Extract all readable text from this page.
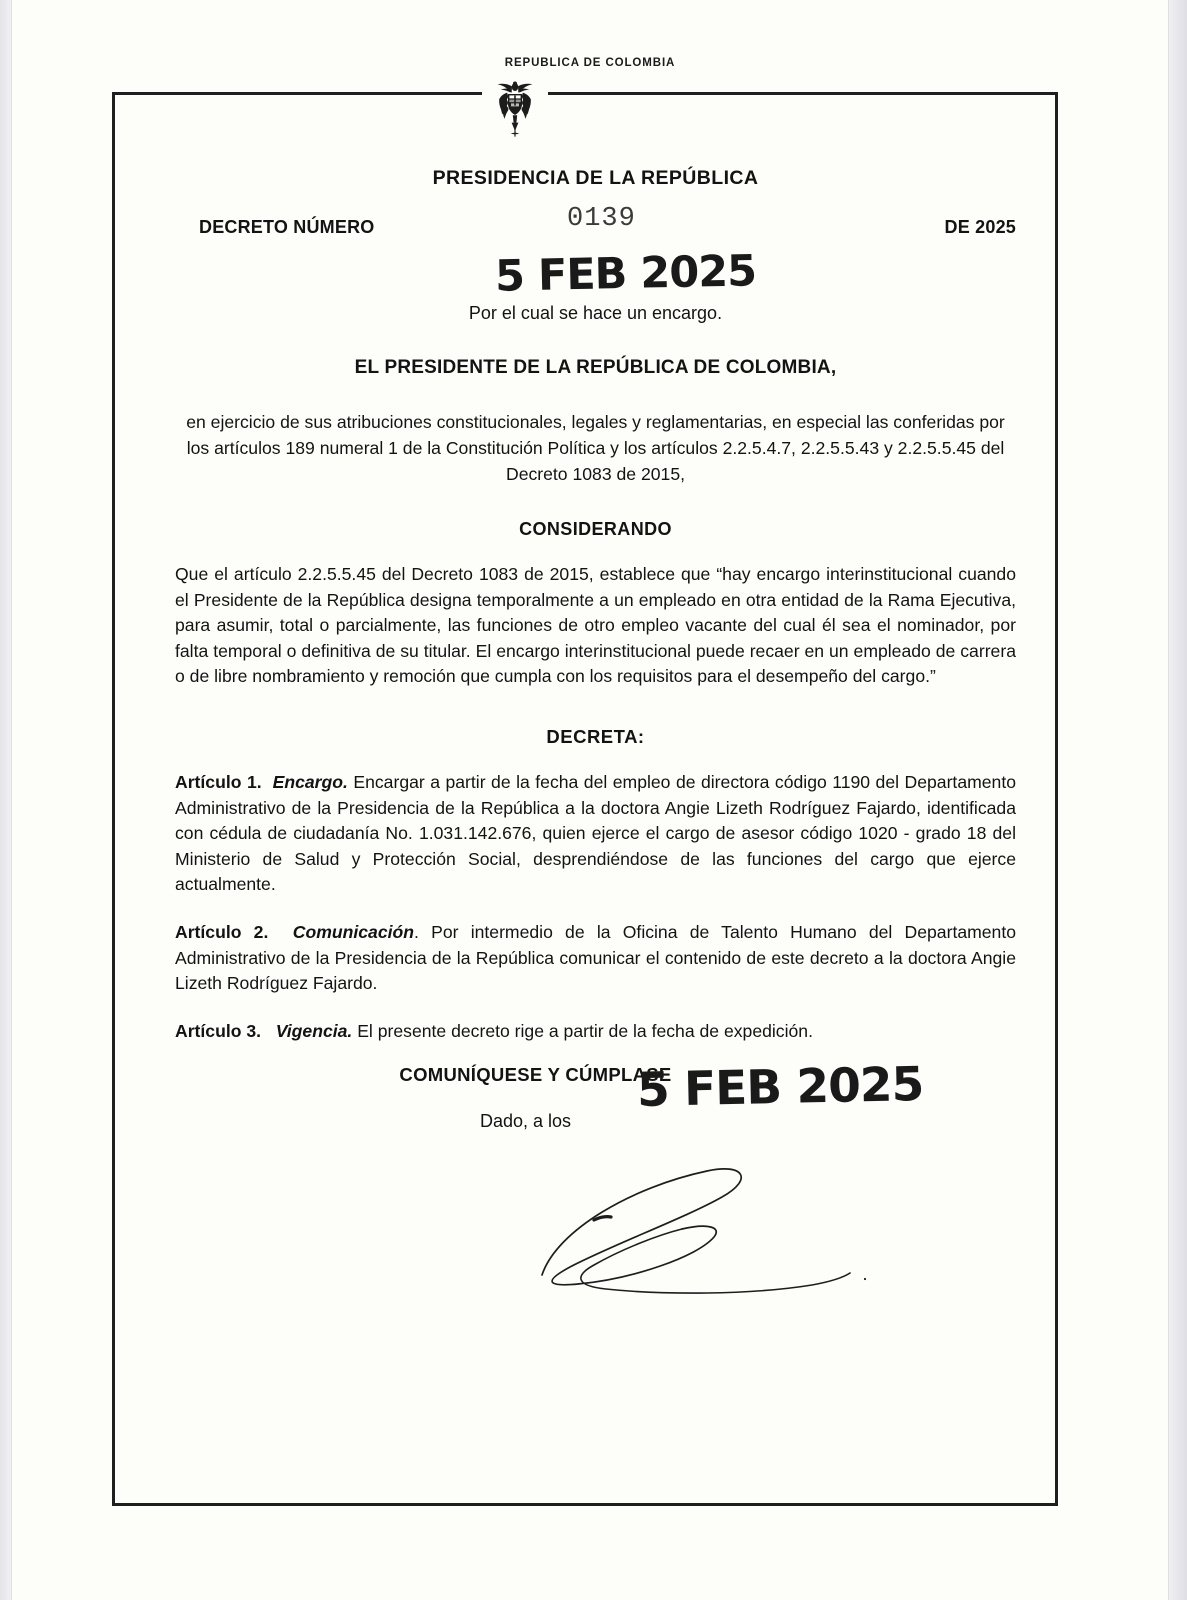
REPUBLICA DE COLOMBIA
PRESIDENCIA DE LA REPÚBLICA
DECRETO NÚMERO	0139	DE 2025
5 FEB 2025
Por el cual se hace un encargo.
EL PRESIDENTE DE LA REPÚBLICA DE COLOMBIA,
en ejercicio de sus atribuciones constitucionales, legales y reglamentarias, en especial las conferidas por los artículos 189 numeral 1 de la Constitución Política y los artículos 2.2.5.4.7, 2.2.5.5.43 y 2.2.5.5.45 del Decreto 1083 de 2015,
CONSIDERANDO
Que el artículo 2.2.5.5.45 del Decreto 1083 de 2015, establece que “hay encargo interinstitucional cuando el Presidente de la República designa temporalmente a un empleado en otra entidad de la Rama Ejecutiva, para asumir, total o parcialmente, las funciones de otro empleo vacante del cual él sea el nominador, por falta temporal o definitiva de su titular. El encargo interinstitucional puede recaer en un empleado de carrera o de libre nombramiento y remoción que cumpla con los requisitos para el desempeño del cargo.”
DECRETA:
Artículo 1. Encargo. Encargar a partir de la fecha del empleo de directora código 1190 del Departamento Administrativo de la Presidencia de la República a la doctora Angie Lizeth Rodríguez Fajardo, identificada con cédula de ciudadanía No. 1.031.142.676, quien ejerce el cargo de asesor código 1020 - grado 18 del Ministerio de Salud y Protección Social, desprendiéndose de las funciones del cargo que ejerce actualmente.
Artículo 2. Comunicación. Por intermedio de la Oficina de Talento Humano del Departamento Administrativo de la Presidencia de la República comunicar el contenido de este decreto a la doctora Angie Lizeth Rodríguez Fajardo.
Artículo 3. Vigencia. El presente decreto rige a partir de la fecha de expedición.
COMUNÍQUESE Y CÚMPLASE
Dado, a los
5 FEB 2025
